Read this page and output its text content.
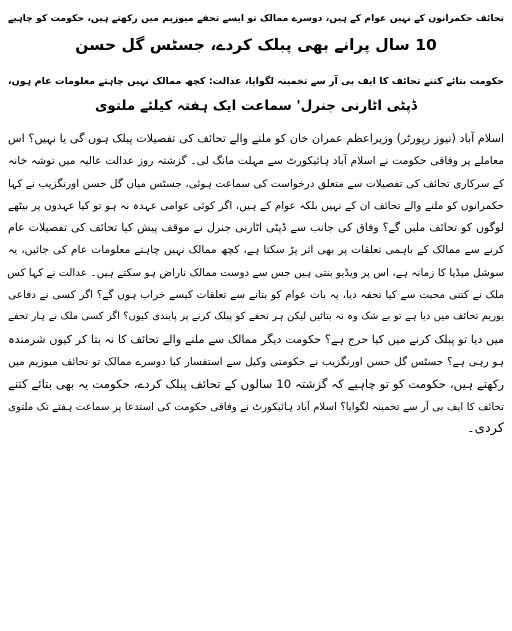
تحائف حکمرانوں کے نہیں عوام کے ہیں، دوسرے ممالک تو ایسے تحفے میوزیم میں رکھتے ہیں، حکومت کو چاہیے
10 سال پرانے بھی پبلک کردے، جسٹس گل حسن
حکومت بتائے کتنے تحائف کا ایف بی آر سے تخمینہ لگوایا، عدالت: کچھ ممالک نہیں چاہتے معلومات عام ہوں،
ڈپٹی اٹارنی جنرل' سماعت ایک ہفتہ کیلئے ملتوی
اسلام آباد (نیوز رپورٹر) وزیراعظم عمران خان کو ملنے والے تحائف کی تفصیلات پبلک ہوں گی یا نہیں؟ اس
معاملے پر وفاقی حکومت نے اسلام آباد ہائیکورٹ سے مہلت مانگ لی۔ گزشتہ روز عدالت عالیہ میں توشہ خانہ
کے سرکاری تحائف کی تفصیلات سے متعلق درخواست کی سماعت ہوئی، جسٹس میاں گل حسن اورنگزیب نے کہا
حکمرانوں کو ملنے والے تحائف ان کے نہیں بلکہ عوام کے ہیں، اگر کوئی عوامی عہدہ نہ ہو تو کیا عہدوں پر بیٹھے
لوگوں کو تحائف ملیں گے؟ وفاق کی جانب سے ڈپٹی اٹارنی جنرل نے موقف پیش کیا تحائف کی تفصیلات عام
کرنے سے ممالک کے باہمی تعلقات پر بھی اثر پڑ سکتا ہے، کچھ ممالک نہیں چاہتے معلومات عام کی جائیں، یہ
سوشل میڈیا کا زمانہ ہے، اس پر ویڈیو بنتی ہیں جس سے دوست ممالک ناراض ہو سکتے ہیں۔ عدالت نے کہا کس
ملک نے کتنی محبت سے کیا تحفہ دیا، یہ بات عوام کو بتانے سے تعلقات کیسے خراب ہوں گے؟ اگر کسی نے دفاعی
یوریم تحائف میں دیا ہے تو بے شک وہ نہ بتائیں لیکن ہر تحفے کو پبلک کرنے پر پابندی کیوں؟ اگر کسی ملک نے ہار تحفے
میں دیا تو پبلک کرنے میں کیا حرج ہے؟ حکومت دیگر ممالک سے ملنے والے تحائف کا نہ بتا کر کیوں شرمندہ
ہو رہی ہے؟ جسٹس گل حسن اورنگزیب نے حکومتی وکیل سے استفسار کیا دوسرے ممالک تو تحائف میوزیم میں
رکھتے ہیں، حکومت کو تو چاہیے کہ گزشتہ 10 سالوں کے تحائف پبلک کردے، حکومت یہ بھی بتائے کتنے
تحائف کا ایف بی آر سے تخمینہ لگوایا؟ اسلام آباد ہائیکورٹ نے وفاقی حکومت کی استدعا پر سماعت ہفتے تک ملتوی
کردی۔
